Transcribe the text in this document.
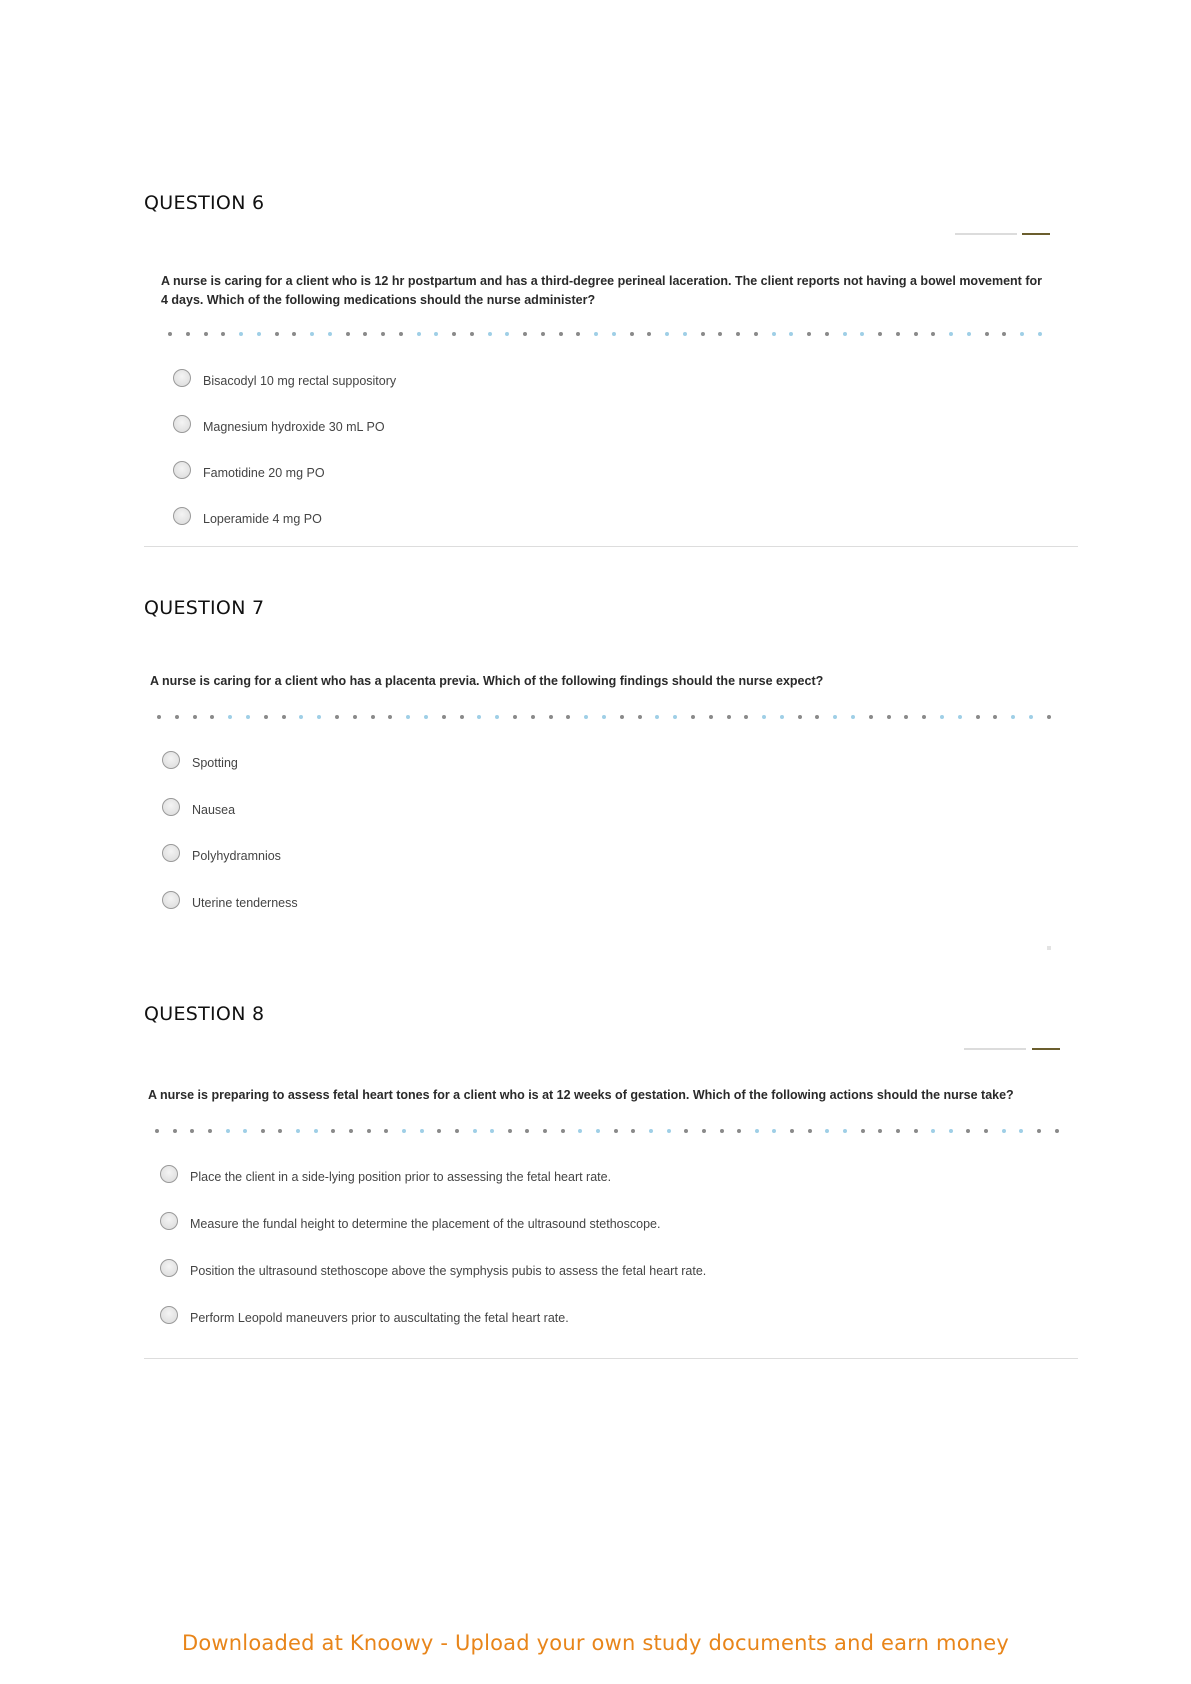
QUESTION 6
A nurse is caring for a client who is 12 hr postpartum and has a third-degree perineal laceration. The client reports not having a bowel movement for 4 days. Which of the following medications should the nurse administer?
Bisacodyl 10 mg rectal suppository
Magnesium hydroxide 30 mL PO
Famotidine 20 mg PO
Loperamide 4 mg PO
QUESTION 7
A nurse is caring for a client who has a placenta previa. Which of the following findings should the nurse expect?
Spotting
Nausea
Polyhydramnios
Uterine tenderness
QUESTION 8
A nurse is preparing to assess fetal heart tones for a client who is at 12 weeks of gestation. Which of the following actions should the nurse take?
Place the client in a side-lying position prior to assessing the fetal heart rate.
Measure the fundal height to determine the placement of the ultrasound stethoscope.
Position the ultrasound stethoscope above the symphysis pubis to assess the fetal heart rate.
Perform Leopold maneuvers prior to auscultating the fetal heart rate.
Downloaded at Knoowy - Upload your own study documents and earn money
